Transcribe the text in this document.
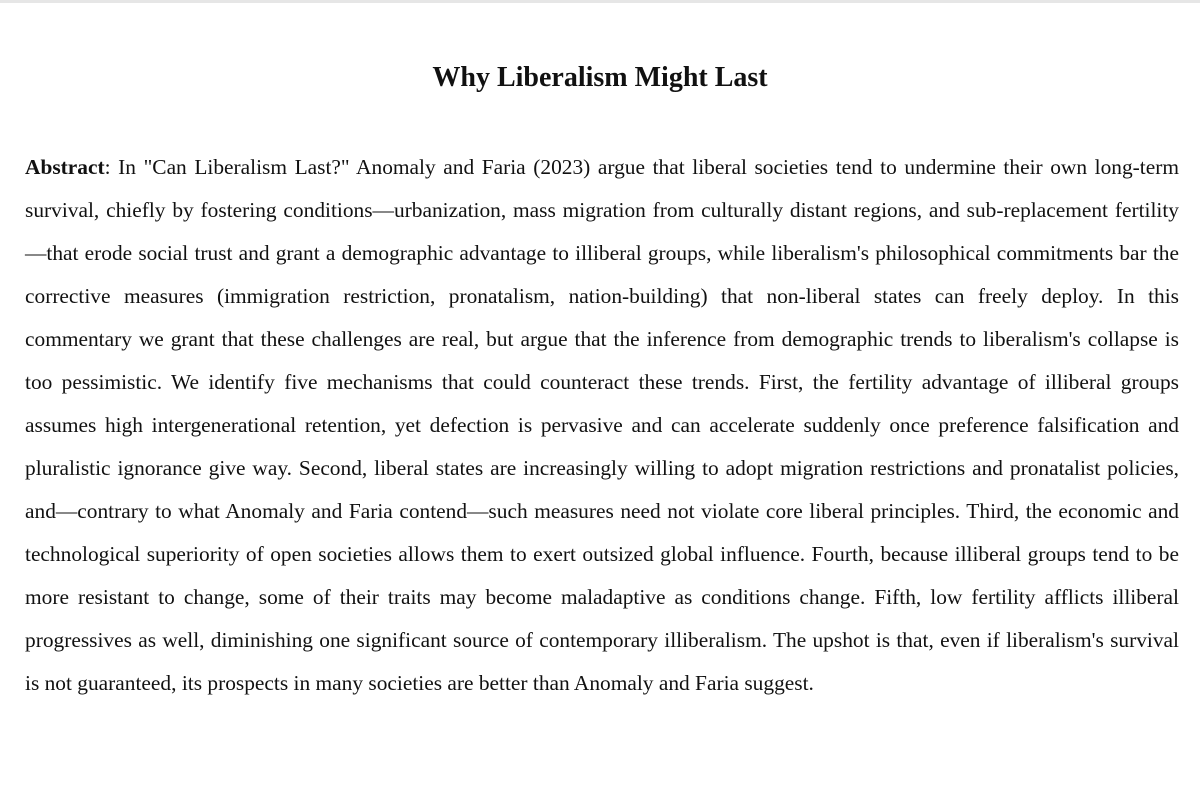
Why Liberalism Might Last

Abstract: In "Can Liberalism Last?" Anomaly and Faria (2023) argue that liberal societies tend to undermine their own long-term survival, chiefly by fostering conditions—urbanization, mass migration from culturally distant regions, and sub-replacement fertility—that erode social trust and grant a demographic advantage to illiberal groups, while liberalism's philosophical commitments bar the corrective measures (immigration restriction, pronatalism, nation-building) that non-liberal states can freely deploy. In this commentary we grant that these challenges are real, but argue that the inference from demographic trends to liberalism's collapse is too pessimistic. We identify five mechanisms that could counteract these trends. First, the fertility advantage of illiberal groups assumes high intergenerational retention, yet defection is pervasive and can accelerate suddenly once preference falsification and pluralistic ignorance give way. Second, liberal states are increasingly willing to adopt migration restrictions and pronatalist policies, and—contrary to what Anomaly and Faria contend—such measures need not violate core liberal principles. Third, the economic and technological superiority of open societies allows them to exert outsized global influence. Fourth, because illiberal groups tend to be more resistant to change, some of their traits may become maladaptive as conditions change. Fifth, low fertility afflicts illiberal progressives as well, diminishing one significant source of contemporary illiberalism. The upshot is that, even if liberalism's survival is not guaranteed, its prospects in many societies are better than Anomaly and Faria suggest.
